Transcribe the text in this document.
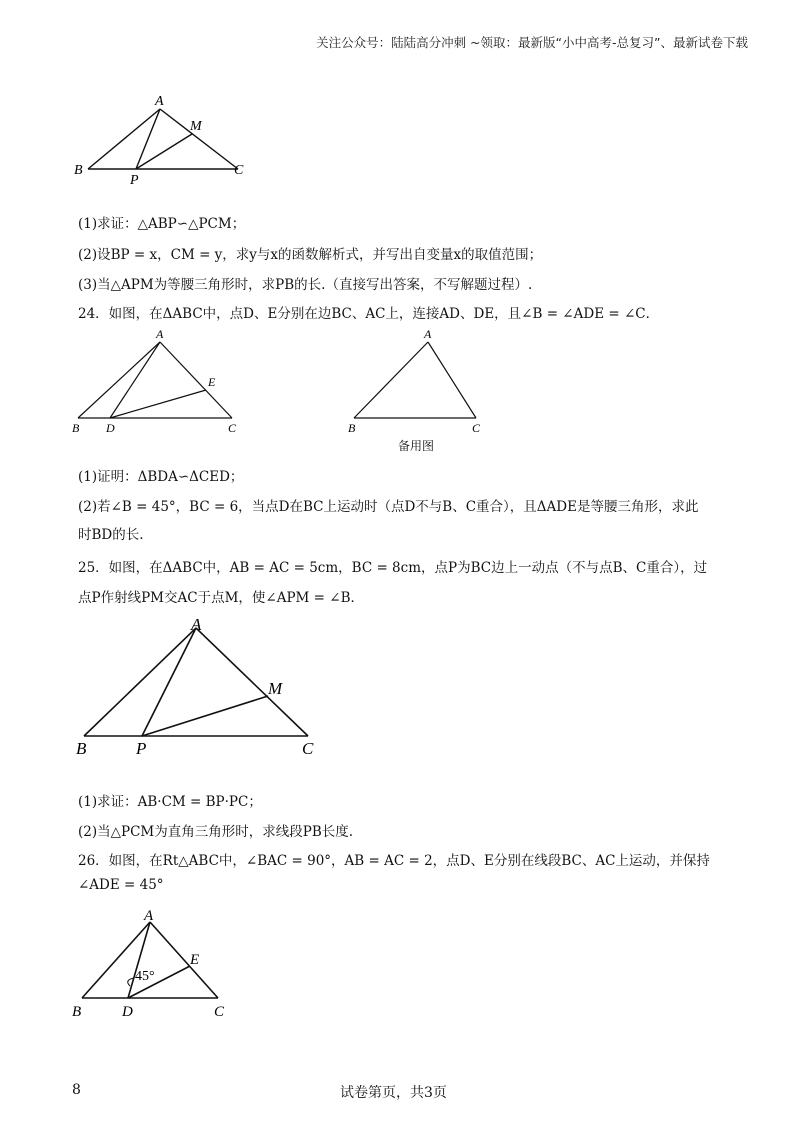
关注公众号：陆陆高分冲刺 ~领取：最新版“小中高考-总复习”、最新试卷下载
A
M
B
P
C
(1)求证：△ABP∽△PCM；
(2)设BP = x，CM = y，求y与x的函数解析式，并写出自变量x的取值范围；
(3)当△APM为等腰三角形时，求PB的长.（直接写出答案，不写解题过程）.
24．如图，在ΔABC中，点D、E分别在边BC、AC上，连接AD、DE，且∠B = ∠ADE = ∠C．
A
E
B D	C
A
B	C
备用图
(1)证明：ΔBDA∽ΔCED；
(2)若∠B = 45°，BC = 6，当点D在BC上运动时（点D不与B、C重合），且ΔADE是等腰三角形，求此
时BD的长.
25．如图，在ΔABC中，AB = AC = 5cm，BC = 8cm，点P为BC边上一动点（不与点B、C重合），过
点P作射线PM交AC于点M，使∠APM = ∠B．
A
M
B	P	C
(1)求证：AB·CM = BP·PC；
(2)当△PCM为直角三角形时，求线段PB长度.
26．如图，在Rt△ABC中，∠BAC = 90°，AB = AC = 2，点D、E分别在线段BC、AC上运动，并保持
∠ADE = 45°
A
E
45°
B	D	C
8	试卷第页，共3页
